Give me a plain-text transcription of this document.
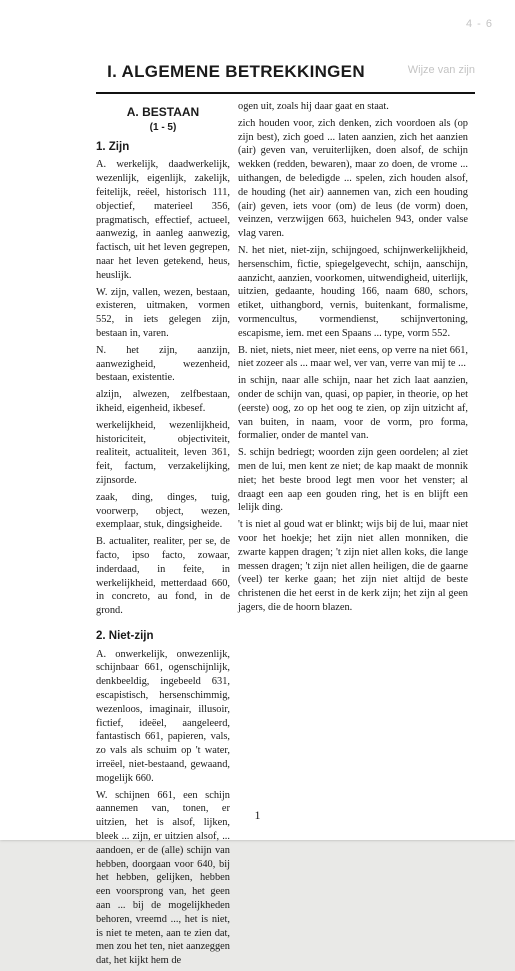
4 - 6
Wijze van zijn
I. ALGEMENE BETREKKINGEN
A. BESTAAN
(1 - 5)
1. Zijn

A. werkelijk, daadwerkelijk, wezenlijk, eigenlijk, zakelijk, feitelijk, reëel, historisch 111, objectief, materieel 356, pragmatisch, effectief, actueel, aanwezig, in aanleg aanwezig, factisch, uit het leven gegrepen, naar het leven getekend, heus, heuslijk.

W. zijn, vallen, wezen, bestaan, existeren, uitmaken, vormen 552, in iets gelegen zijn, bestaan in, varen.

N. het zijn, aanzijn, aanwezigheid, wezenheid, bestaan, existentie.

alzijn, alwezen, zelfbestaan, ikheid, eigenheid, ikbesef.

werkelijkheid, wezenlijkheid, historiciteit, objectiviteit, realiteit, actualiteit, leven 361, feit, factum, verzakelijking, zijnsorde.

zaak, ding, dinges, tuig, voorwerp, object, wezen, exemplaar, stuk, dingsigheide.

B. actualiter, realiter, per se, de facto, ipso facto, zowaar, inderdaad, in feite, in werkelijkheid, metterdaad 660, in concreto, au fond, in de grond.

2. Niet-zijn

A. onwerkelijk, onwezenlijk, schijnbaar 661, ogenschijnlijk, denkbeeldig, ingebeeld 631, escapistisch, hersenschimmig, wezenloos, imaginair, illusoir, fictief, ideëel, aangeleerd, fantastisch 661, papieren, vals, zo vals als schuim op 't water, irreëel, niet-bestaand, gewaand, mogelijk 660.

W. schijnen 661, een schijn aannemen van, tonen, er uitzien, het is alsof, lijken, bleek ... zijn, er uitzien alsof, ... aandoen, er de (alle) schijn van hebben, doorgaan voor 640, bij het hebben, gelijken, hebben een voorsprong van, het geen aan ... bij de mogelijkheden behoren, vreemd ..., het is niet, is niet te meten, aan te zien dat, men zou het ten, niet aanzeggen dat, het kijkt hem de

ogen uit, zoals hij daar gaat en staat.

zich houden voor, zich denken, zich voordoen als (op zijn best), zich goed ... laten aanzien, zich het aanzien (air) geven van, veruiterlijken, doen alsof, de schijn wekken (redden, bewaren), maar zo doen, de vrome ... uithangen, de beledigde ... spelen, zich houden alsof, de houding (het air) aannemen van, zich een houding (air) geven, iets voor (om) de leus (de vorm) doen, veinzen, verzwijgen 663, huichelen 943, onder valse vlag varen.

N. het niet, niet-zijn, schijngoed, schijnwerkelijkheid, hersenschim, fictie, spiegelgevecht, schijn, aanschijn, aanzicht, aanzien, voorkomen, uitwendigheid, uiterlijk, uitzien, gedaante, houding 166, naam 680, schors, etiket, uithangbord, vernis, buitenkant, formalisme, vormencultus, vormendienst, schijnvertoning, escapisme, iem. met een Spaans ... type, vorm 552.

B. niet, niets, niet meer, niet eens, op verre na niet 661, niet zozeer als ... maar wel, ver van, verre van mij te ...

in schijn, naar alle schijn, naar het zich laat aanzien, onder de schijn van, quasi, op papier, in theorie, op het (eerste) oog, zo op het oog te zien, op zijn uitzicht af, van buiten, in naam, voor de vorm, pro forma, formalier, onder de mantel van.

S. schijn bedriegt; woorden zijn geen oordelen; al ziet men de lui, men kent ze niet; de kap maakt de monnik niet; het beste brood legt men voor het venster; al draagt een aap een gouden ring, het is en blijft een lelijk ding.

't is niet al goud wat er blinkt; wijs bij de lui, maar niet voor het hoekje; het zijn niet allen monniken, die zwarte kappen dragen; 't zijn niet allen koks, die lange messen dragen; 't zijn niet allen heiligen, die de gaarne (veel) ter kerke gaan; het zijn niet altijd de beste christenen die het eerst in de kerk zijn; het zijn al geen jagers, die de hoorn blazen.

1
